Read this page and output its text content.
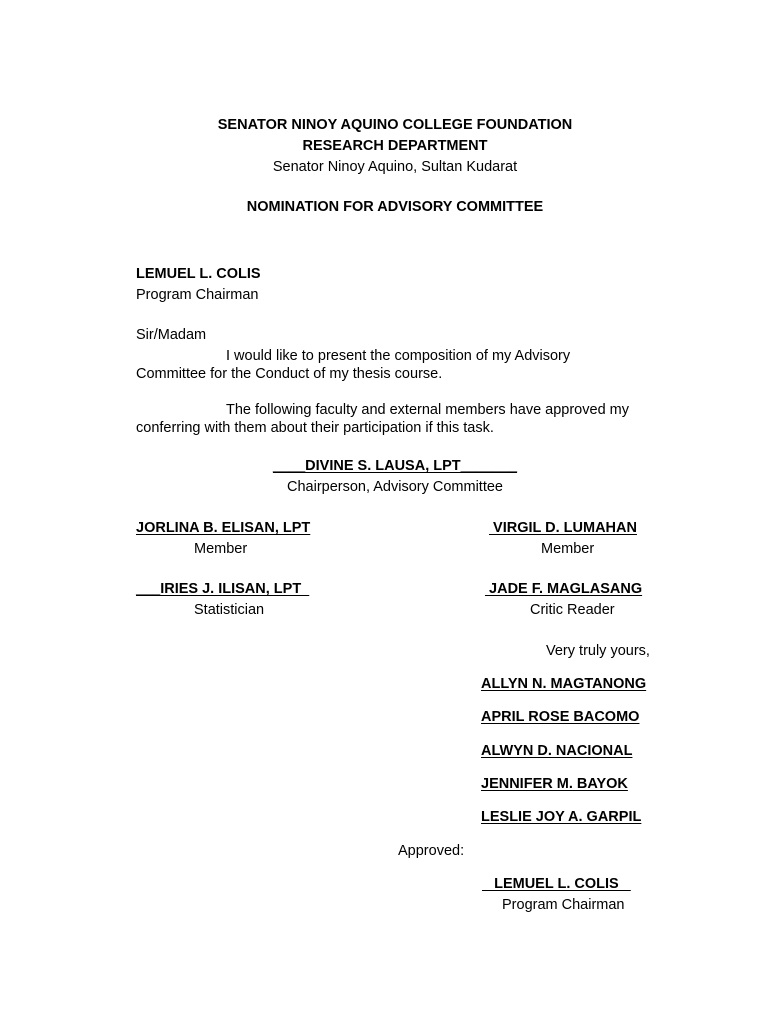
SENATOR NINOY AQUINO COLLEGE FOUNDATION
RESEARCH DEPARTMENT
Senator Ninoy Aquino, Sultan Kudarat
NOMINATION FOR ADVISORY COMMITTEE
LEMUEL L. COLIS
Program Chairman
Sir/Madam
I would like to present the composition of my Advisory
Committee for the Conduct of my thesis course.
The following faculty and external members have approved my
conferring with them about their participation if this task.
____DIVINE S. LAUSA, LPT_______
Chairperson, Advisory Committee
JORLINA B. ELISAN, LPT
Member
VIRGIL D. LUMAHAN
Member
___IRIES J. ILISAN, LPT
Statistician
JADE F. MAGLASANG
Critic Reader
Very truly yours,
ALLYN N. MAGTANONG
APRIL ROSE BACOMO
ALWYN D. NACIONAL
JENNIFER M. BAYOK
LESLIE JOY A. GARPIL
Approved:
LEMUEL L. COLIS
Program Chairman
